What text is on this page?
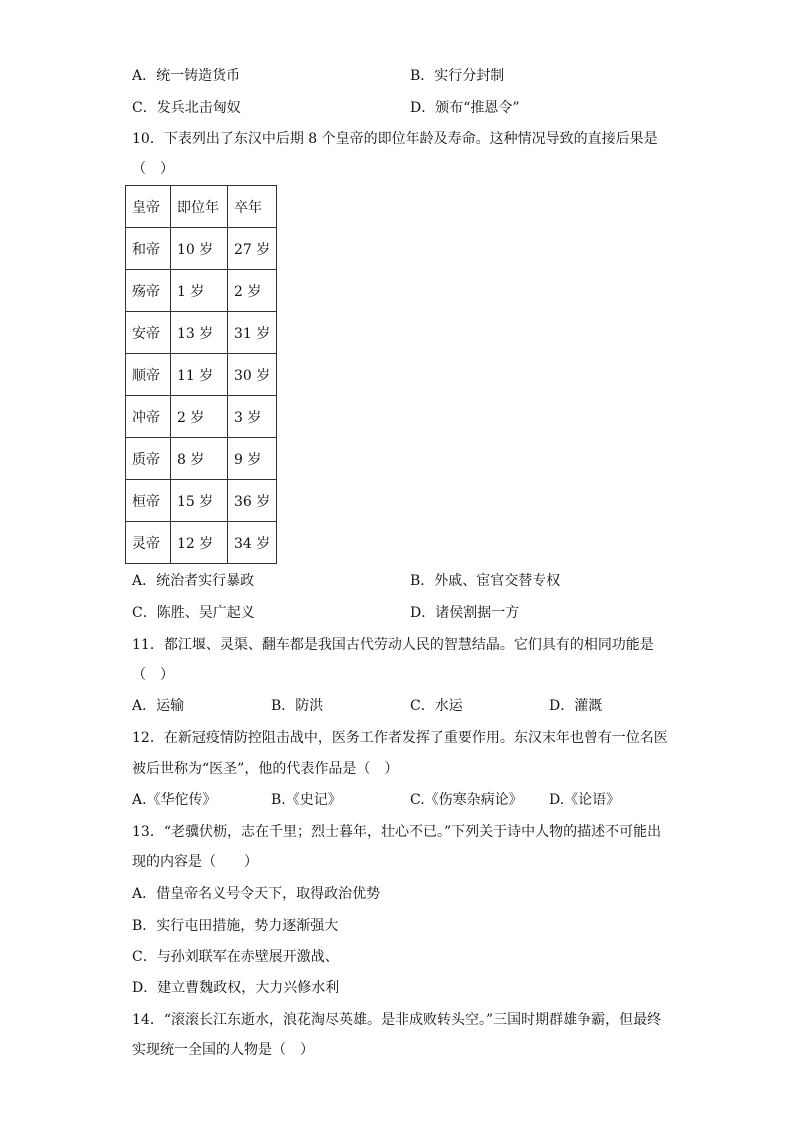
A．统一铸造货币	B．实行分封制
C．发兵北击匈奴	D．颁布“推恩令”
10．下表列出了东汉中后期 8 个皇帝的即位年龄及寿命。这种情况导致的直接后果是
（　）
皇帝	即位年	卒年
和帝	10 岁	27 岁
殇帝	1 岁	2 岁
安帝	13 岁	31 岁
顺帝	11 岁	30 岁
冲帝	2 岁	3 岁
质帝	8 岁	9 岁
桓帝	15 岁	36 岁
灵帝	12 岁	34 岁
A．统治者实行暴政	B．外戚、宦官交替专权
C．陈胜、吴广起义	D．诸侯割据一方
11．都江堰、灵渠、翻车都是我国古代劳动人民的智慧结晶。它们具有的相同功能是
（　）
A．运输	B．防洪	C．水运	D．灌溉
12．在新冠疫情防控阻击战中，医务工作者发挥了重要作用。东汉末年也曾有一位名医
被后世称为“医圣”，他的代表作品是（　）
A.《华佗传》	B.《史记》	C.《伤寒杂病论》 D.《论语》
13．“老骥伏枥，志在千里；烈士暮年，壮心不已。”下列关于诗中人物的描述不可能出
现的内容是（　　）
A．借皇帝名义号令天下，取得政治优势
B．实行屯田措施，势力逐渐强大
C．与孙刘联军在赤壁展开激战、
D．建立曹魏政权，大力兴修水利
14．“滚滚长江东逝水，浪花淘尽英雄。是非成败转头空。”三国时期群雄争霸，但最终
实现统一全国的人物是（　）
